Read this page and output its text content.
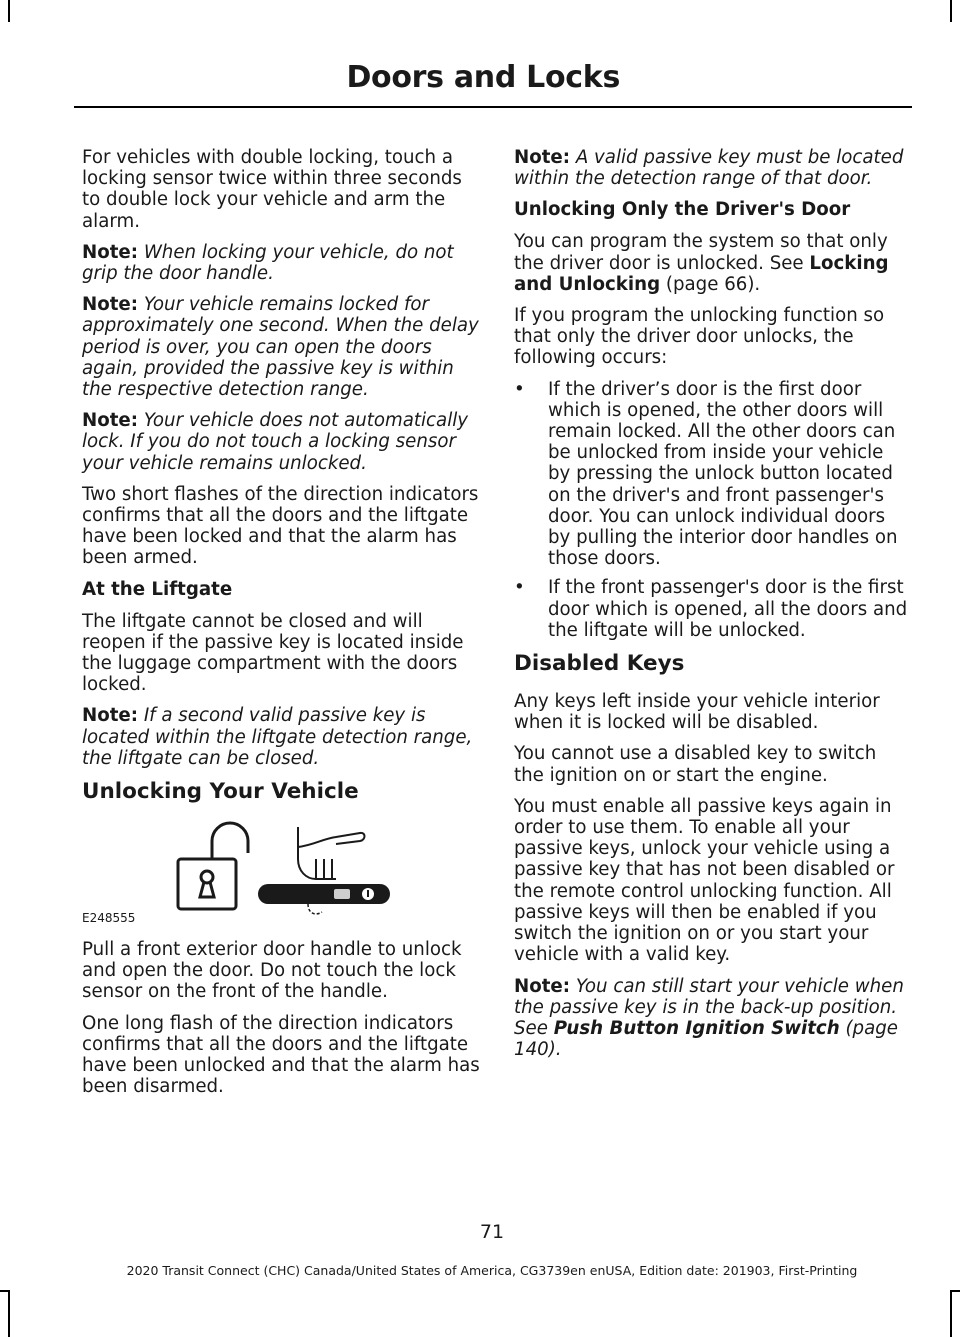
Doors and Locks

For vehicles with double locking, touch a locking sensor twice within three seconds to double lock your vehicle and arm the alarm.

Note: When locking your vehicle, do not grip the door handle.

Note: Your vehicle remains locked for approximately one second. When the delay period is over, you can open the doors again, provided the passive key is within the respective detection range.

Note: Your vehicle does not automatically lock. If you do not touch a locking sensor your vehicle remains unlocked.

Two short flashes of the direction indicators confirms that all the doors and the liftgate have been locked and that the alarm has been armed.

At the Liftgate

The liftgate cannot be closed and will reopen if the passive key is located inside the luggage compartment with the doors locked.

Note: If a second valid passive key is located within the liftgate detection range, the liftgate can be closed.

Unlocking Your Vehicle
E248555

Pull a front exterior door handle to unlock and open the door. Do not touch the lock sensor on the front of the handle.

One long flash of the direction indicators confirms that all the doors and the liftgate have been unlocked and that the alarm has been disarmed.

Note: A valid passive key must be located within the detection range of that door.

Unlocking Only the Driver's Door

You can program the system so that only the driver door is unlocked. See Locking and Unlocking (page 66).

If you program the unlocking function so that only the driver door unlocks, the following occurs:

• If the driver’s door is the first door which is opened, the other doors will remain locked. All the other doors can be unlocked from inside your vehicle by pressing the unlock button located on the driver's and front passenger's door. You can unlock individual doors by pulling the interior door handles on those doors.
• If the front passenger's door is the first door which is opened, all the doors and the liftgate will be unlocked.
Disabled Keys

Any keys left inside your vehicle interior when it is locked will be disabled.

You cannot use a disabled key to switch the ignition on or start the engine.

You must enable all passive keys again in order to use them. To enable all your passive keys, unlock your vehicle using a passive key that has not been disabled or the remote control unlocking function. All passive keys will then be enabled if you switch the ignition on or you start your vehicle with a valid key.

Note: You can still start your vehicle when the passive key is in the back-up position. See Push Button Ignition Switch (page 140).

71
2020 Transit Connect (CHC) Canada/United States of America, CG3739en enUSA, Edition date: 201903, First-Printing
